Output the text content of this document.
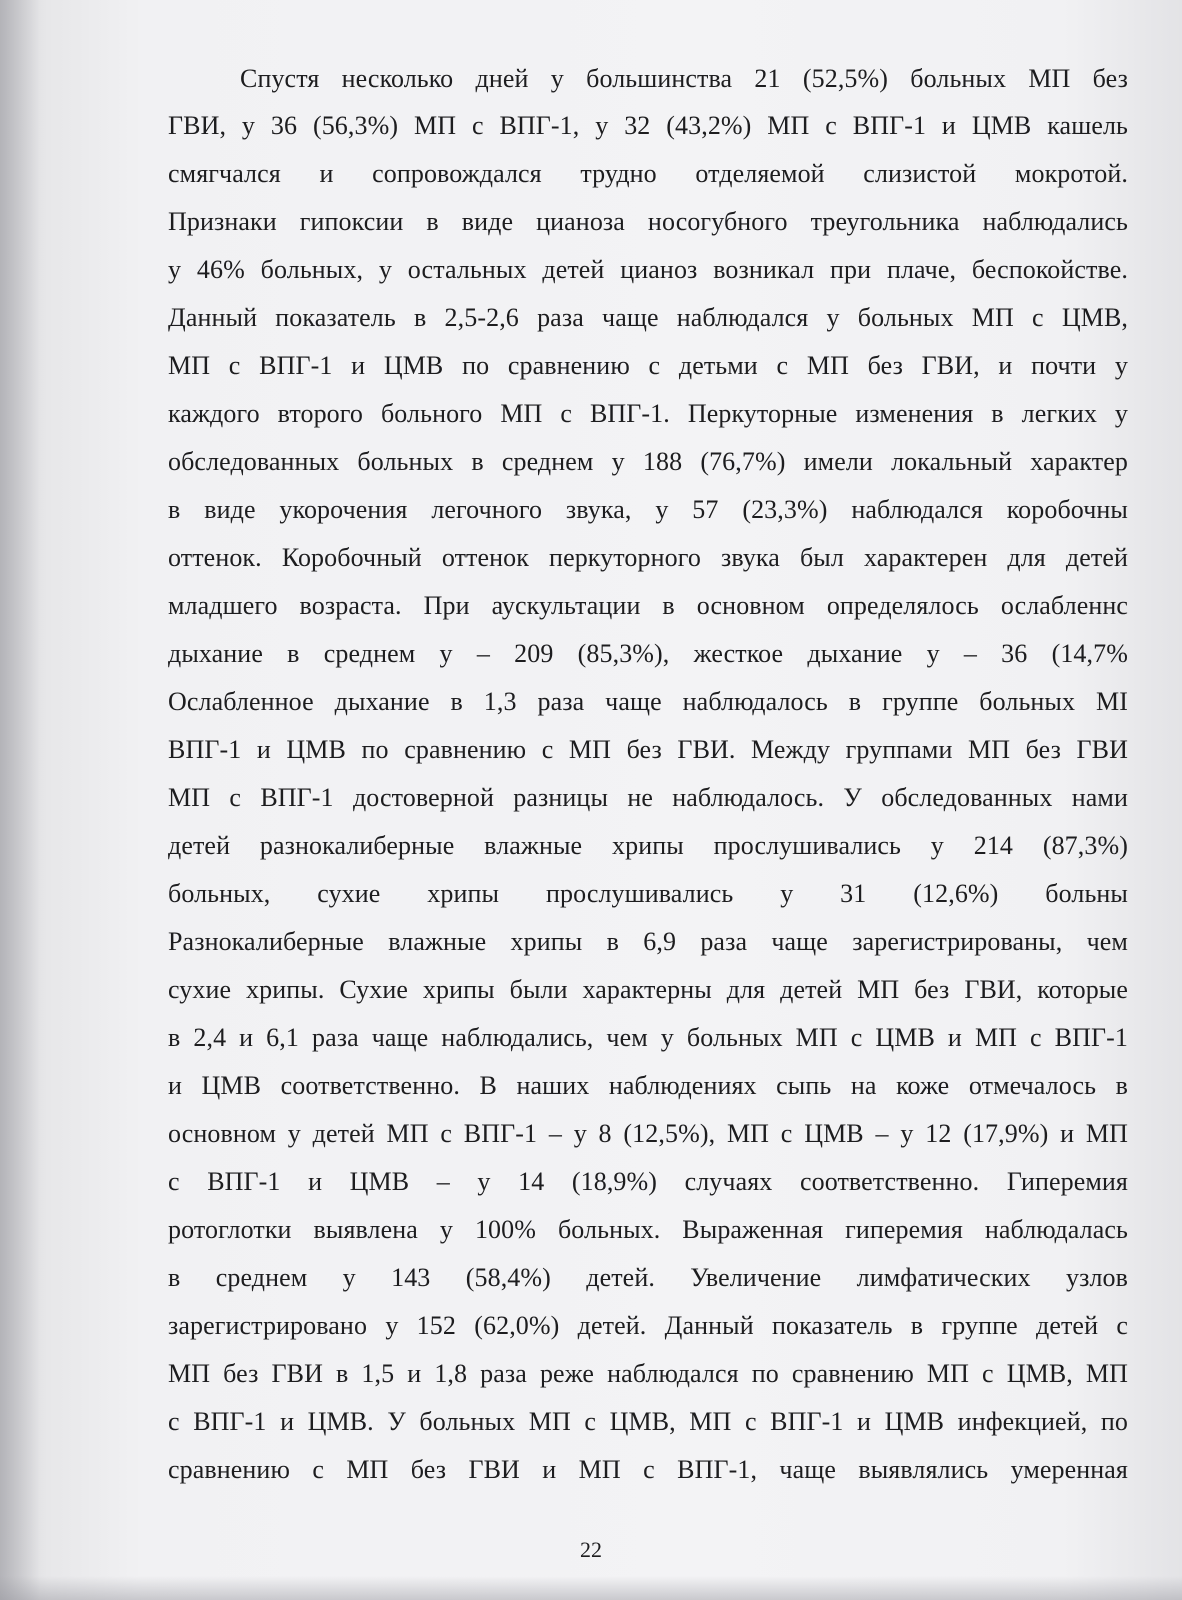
Спустя несколько дней у большинства 21 (52,5%) больных МП без
ГВИ, у 36 (56,3%) МП с ВПГ-1, у 32 (43,2%) МП с ВПГ-1 и ЦМВ кашель
смягчался и сопровождался трудно отделяемой слизистой мокротой.
Признаки гипоксии в виде цианоза носогубного треугольника наблюдались
у 46% больных, у остальных детей цианоз возникал при плаче, беспокойстве.
Данный показатель в 2,5-2,6 раза чаще наблюдался у больных МП с ЦМВ,
МП с ВПГ-1 и ЦМВ по сравнению с детьми с МП без ГВИ, и почти у
каждого второго больного МП с ВПГ-1. Перкуторные изменения в легких у
обследованных больных в среднем у 188 (76,7%) имели локальный характер
в виде укорочения легочного звука, у 57 (23,3%) наблюдался коробочны
оттенок. Коробочный оттенок перкуторного звука был характерен для детей
младшего возраста. При аускультации в основном определялось ослабленнс
дыхание в среднем у – 209 (85,3%), жесткое дыхание у – 36 (14,7%
Ослабленное дыхание в 1,3 раза чаще наблюдалось в группе больных МІ
ВПГ-1 и ЦМВ по сравнению с МП без ГВИ. Между группами МП без ГВИ
МП с ВПГ-1 достоверной разницы не наблюдалось. У обследованных нами
детей разнокалиберные влажные хрипы прослушивались у 214 (87,3%)
больных, сухие хрипы прослушивались у 31 (12,6%) больны
Разнокалиберные влажные хрипы в 6,9 раза чаще зарегистрированы, чем
сухие хрипы. Сухие хрипы были характерны для детей МП без ГВИ, которые
в 2,4 и 6,1 раза чаще наблюдались, чем у больных МП с ЦМВ и МП с ВПГ-1
и ЦМВ соответственно. В наших наблюдениях сыпь на коже отмечалось в
основном у детей МП с ВПГ-1 – у 8 (12,5%), МП с ЦМВ – у 12 (17,9%) и МП
с ВПГ-1 и ЦМВ – у 14 (18,9%) случаях соответственно. Гиперемия
ротоглотки выявлена у 100% больных. Выраженная гиперемия наблюдалась
в среднем у 143 (58,4%) детей. Увеличение лимфатических узлов
зарегистрировано у 152 (62,0%) детей. Данный показатель в группе детей с
МП без ГВИ в 1,5 и 1,8 раза реже наблюдался по сравнению МП с ЦМВ, МП
с ВПГ-1 и ЦМВ. У больных МП с ЦМВ, МП с ВПГ-1 и ЦМВ инфекцией, по
сравнению с МП без ГВИ и МП с ВПГ-1, чаще выявлялись умеренная
22
